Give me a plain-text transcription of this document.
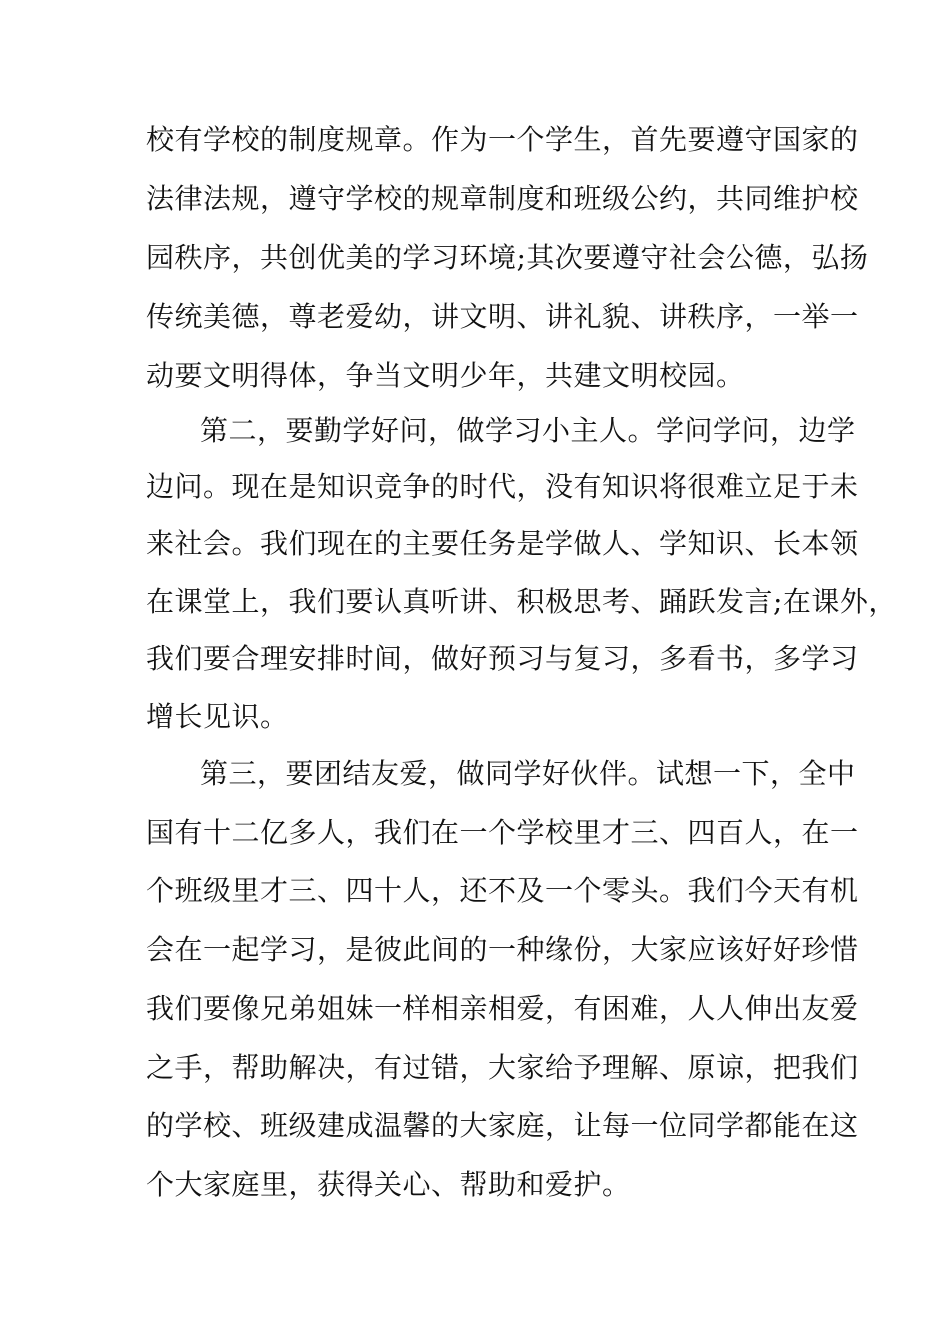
校有学校的制度规章。作为一个学生，首先要遵守国家的
法律法规，遵守学校的规章制度和班级公约，共同维护校
园秩序，共创优美的学习环境;其次要遵守社会公德，弘扬
传统美德，尊老爱幼，讲文明、讲礼貌、讲秩序，一举一
动要文明得体，争当文明少年，共建文明校园。
第二，要勤学好问，做学习小主人。学问学问，边学
边问。现在是知识竞争的时代，没有知识将很难立足于未
来社会。我们现在的主要任务是学做人、学知识、长本领
在课堂上，我们要认真听讲、积极思考、踊跃发言;在课外，
我们要合理安排时间，做好预习与复习，多看书，多学习
增长见识。
第三，要团结友爱，做同学好伙伴。试想一下，全中
国有十二亿多人，我们在一个学校里才三、四百人，在一
个班级里才三、四十人，还不及一个零头。我们今天有机
会在一起学习，是彼此间的一种缘份，大家应该好好珍惜
我们要像兄弟姐妹一样相亲相爱，有困难，人人伸出友爱
之手，帮助解决，有过错，大家给予理解、原谅，把我们
的学校、班级建成温馨的大家庭，让每一位同学都能在这
个大家庭里，获得关心、帮助和爱护。
